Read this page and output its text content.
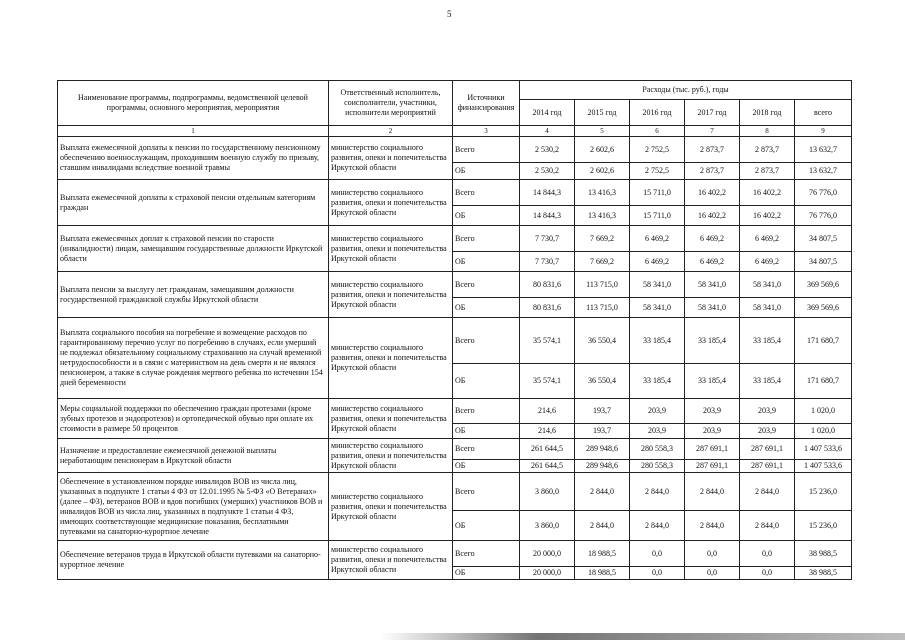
5
Наименование программы, подпрограммы, ведомственной целевой программы, основного мероприятия, мероприятия	Ответственный исполнитель, соисполнители, участники, исполнители мероприятий	Источники финансирования	Расходы (тыс. руб.), годы					
			2014 год	2015 год	2016 год	2017 год	2018 год	всего
1	2	3	4	5	6	7	8	9
Выплата ежемесячной доплаты к пенсии по государственному пенсионному обеспечению военнослужащим, проходившим военную службу по призыву, ставшим инвалидами вследствие военной травмы	министерство социального развития, опеки и попечительства Иркутской области	Всего	2 530,2	2 602,6	2 752,5	2 873,7	2 873,7	13 632,7
		ОБ	2 530,2	2 602,6	2 752,5	2 873,7	2 873,7	13 632,7
Выплата ежемесячной доплаты к страховой пенсии отдельным категориям граждан	министерство социального развития, опеки и попечительства Иркутской области	Всего	14 844,3	13 416,3	15 711,0	16 402,2	16 402,2	76 776,0
		ОБ	14 844,3	13 416,3	15 711,0	16 402,2	16 402,2	76 776,0
Выплата ежемесячных доплат к страховой пенсии по старости (инвалидности) лицам, замещавшим государственные должности Иркутской области	министерство социального развития, опеки и попечительства Иркутской области	Всего	7 730,7	7 669,2	6 469,2	6 469,2	6 469,2	34 807,5
		ОБ	7 730,7	7 669,2	6 469,2	6 469,2	6 469,2	34 807,5
Выплата пенсии за выслугу лет гражданам, замещавшим должности государственной гражданской службы Иркутской области	министерство социального развития, опеки и попечительства Иркутской области	Всего	80 831,6	113 715,0	58 341,0	58 341,0	58 341,0	369 569,6
		ОБ	80 831,6	113 715,0	58 341,0	58 341,0	58 341,0	369 569,6
Выплата социального пособия на погребение и возмещение расходов по гарантированному перечню услуг по погребению в случаях, если умерший не подлежал обязательному социальному страхованию на случай временной нетрудоспособности и в связи с материнством на день смерти и не являлся пенсионером, а также в случае рождения мертвого ребенка по истечении 154 дней беременности	министерство социального развития, опеки и попечительства Иркутской области	Всего	35 574,1	36 550,4	33 185,4	33 185,4	33 185,4	171 680,7
		ОБ	35 574,1	36 550,4	33 185,4	33 185,4	33 185,4	171 680,7
Меры социальной поддержки по обеспечению граждан протезами (кроме зубных протезов и эндопротезов) и ортопедической обувью при оплате их стоимости в размере 50 процентов	министерство социального развития, опеки и попечительства Иркутской области	Всего	214,6	193,7	203,9	203,9	203,9	1 020,0
		ОБ	214,6	193,7	203,9	203,9	203,9	1 020,0
Назначение и предоставление ежемесячной денежной выплаты неработающим пенсионерам в Иркутской области	министерство социального развития, опеки и попечительства Иркутской области	Всего	261 644,5	289 948,6	280 558,3	287 691,1	287 691,1	1 407 533,6
		ОБ	261 644,5	289 948,6	280 558,3	287 691,1	287 691,1	1 407 533,6
Обеспечение в установленном порядке инвалидов ВОВ из числа лиц, указанных в подпункте 1 статьи 4 ФЗ от 12.01.1995 № 5-ФЗ «О Ветеранах» (далее – ФЗ), ветеранов ВОВ и вдов погибших (умерших) участников ВОВ и инвалидов ВОВ из числа лиц, указанных в подпункте 1 статьи 4 ФЗ, имеющих соответствующие медицинские показания, бесплатными путевками на санаторно-курортное лечение	министерство социального развития, опеки и попечительства Иркутской области	Всего	3 860,0	2 844,0	2 844,0	2 844,0	2 844,0	15 236,0
		ОБ	3 860,0	2 844,0	2 844,0	2 844,0	2 844,0	15 236,0
Обеспечение ветеранов труда в Иркутской области путевками на санаторно-курортное лечение	министерство социального развития, опеки и попечительства Иркутской области	Всего	20 000,0	18 988,5	0,0	0,0	0,0	38 988,5
		ОБ	20 000,0	18 988,5	0,0	0,0	0,0	38 988,5
